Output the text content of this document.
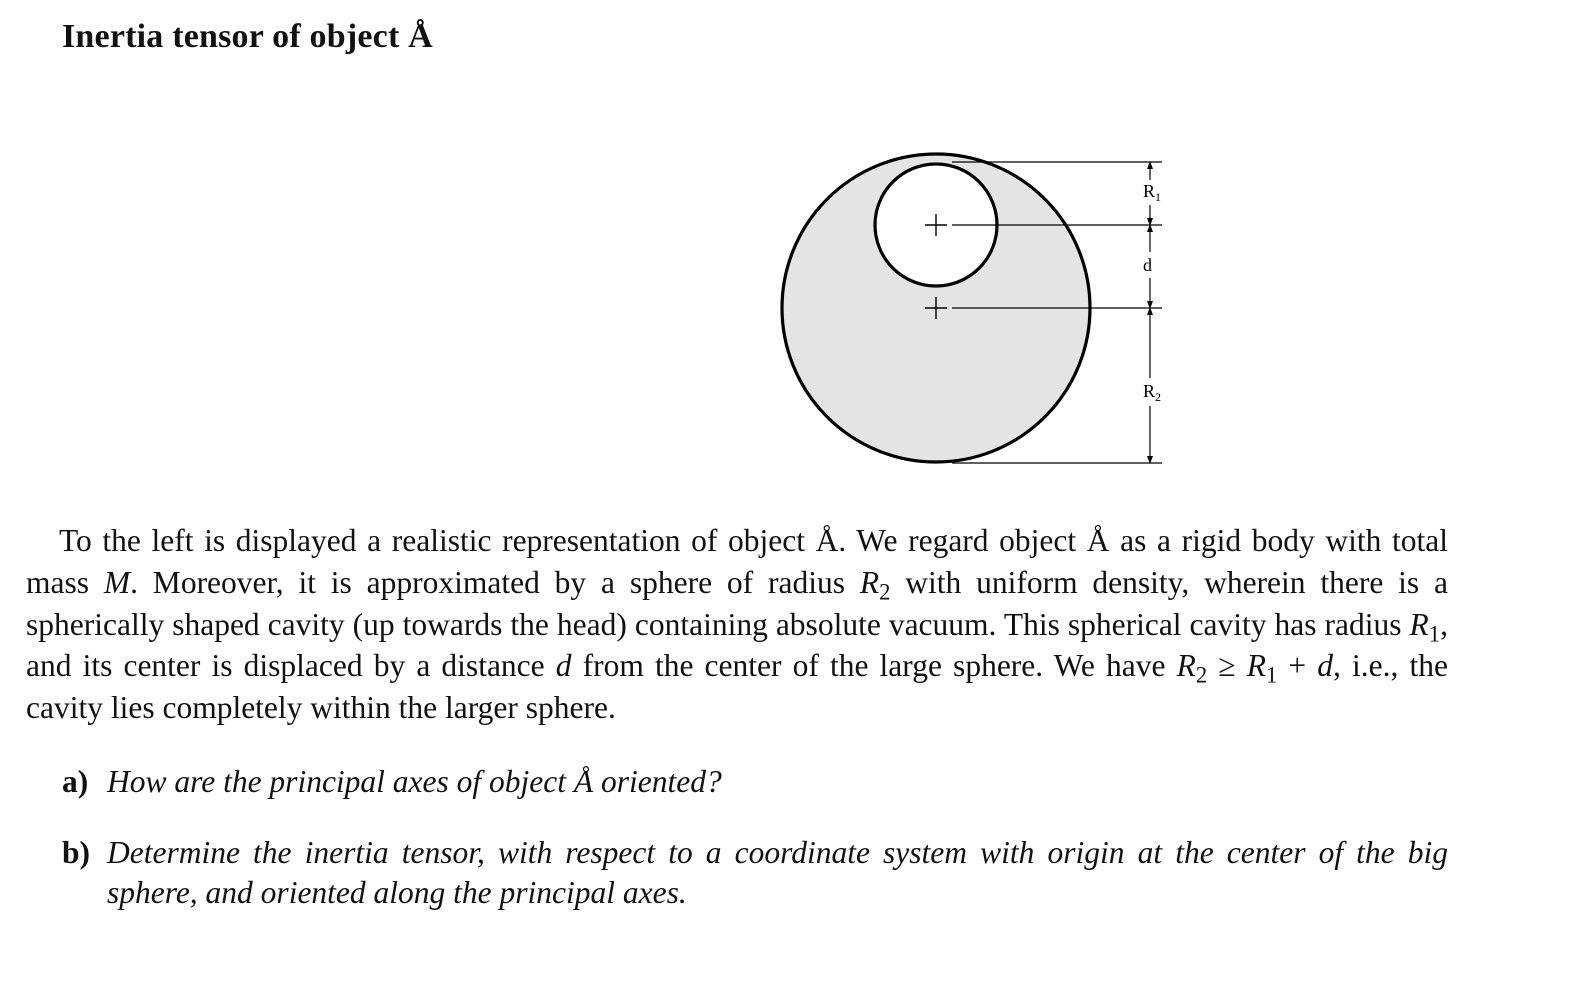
Inertia tensor of object Å
$R_1$
d
$R_2$
To the left is displayed a realistic representation of object Å. We regard object Å as a rigid body with total mass M. Moreover, it is approximated by a sphere of radius $R_2$ with uniform density, wherein there is a spherically shaped cavity (up towards the head) containing absolute vacuum. This spherical cavity has radius $R_1$, and its center is displaced by a distance d from the center of the large sphere. We have $R_2 \ge R_1 + d$, i.e., the cavity lies completely within the larger sphere.
a) How are the principal axes of object Å oriented?
b) Determine the inertia tensor, with respect to a coordinate system with origin at the center of the big sphere, and oriented along the principal axes.
